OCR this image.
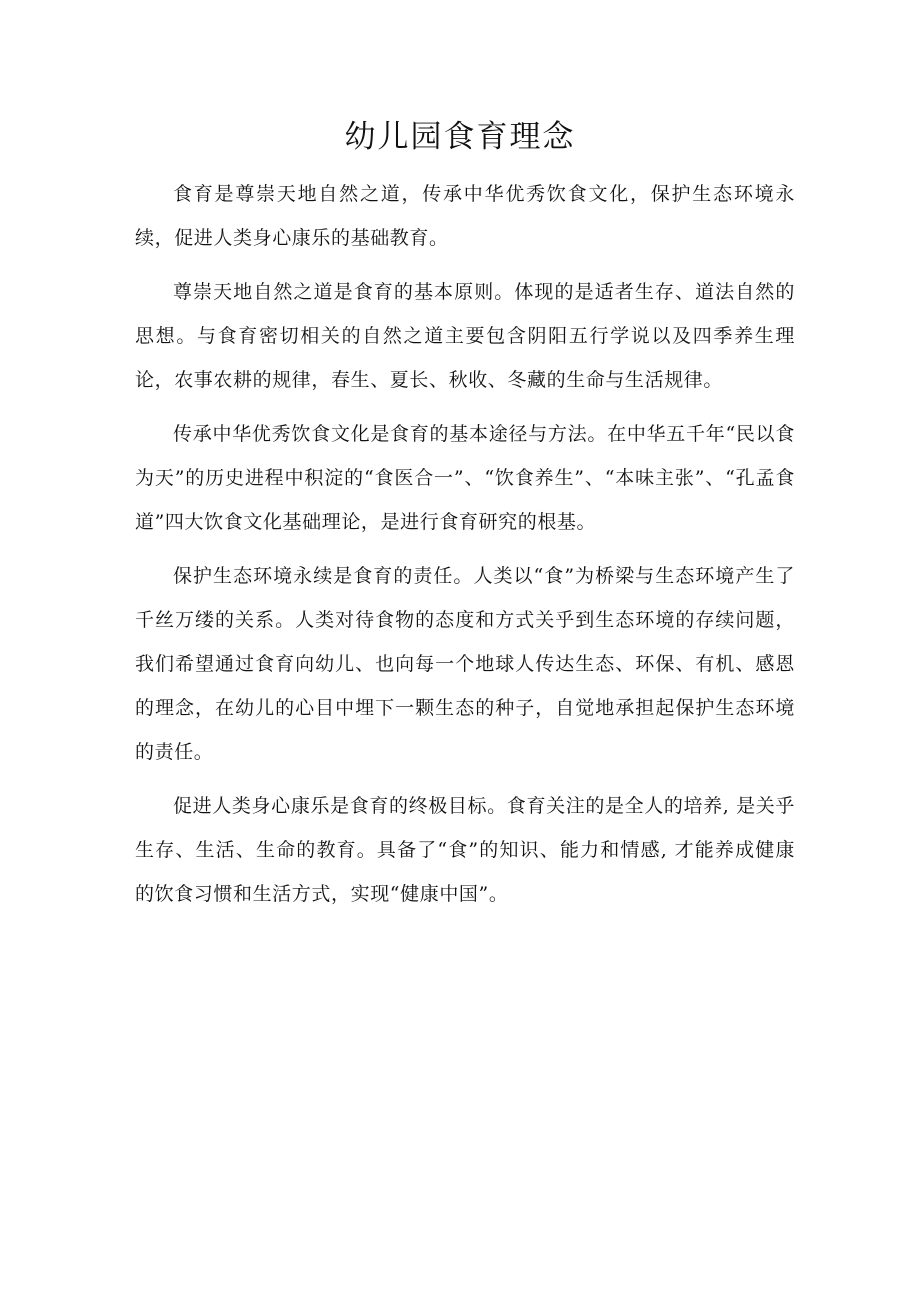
幼儿园食育理念

食育是尊崇天地自然之道，传承中华优秀饮食文化，保护生态环境永续，促进人类身心康乐的基础教育。

尊崇天地自然之道是食育的基本原则。体现的是适者生存、道法自然的思想。与食育密切相关的自然之道主要包含阴阳五行学说以及四季养生理论，农事农耕的规律，春生、夏长、秋收、冬藏的生命与生活规律。

传承中华优秀饮食文化是食育的基本途径与方法。在中华五千年“民以食为天”的历史进程中积淀的“食医合一”、“饮食养生”、“本味主张”、“孔孟食道”四大饮食文化基础理论，是进行食育研究的根基。

保护生态环境永续是食育的责任。人类以“食”为桥梁与生态环境产生了千丝万缕的关系。人类对待食物的态度和方式关乎到生态环境的存续问题，我们希望通过食育向幼儿、也向每一个地球人传达生态、环保、有机、感恩的理念，在幼儿的心目中埋下一颗生态的种子，自觉地承担起保护生态环境的责任。

促进人类身心康乐是食育的终极目标。食育关注的是全人的培养, 是关乎生存、生活、生命的教育。具备了“食”的知识、能力和情感, 才能养成健康的饮食习惯和生活方式，实现“健康中国”。
